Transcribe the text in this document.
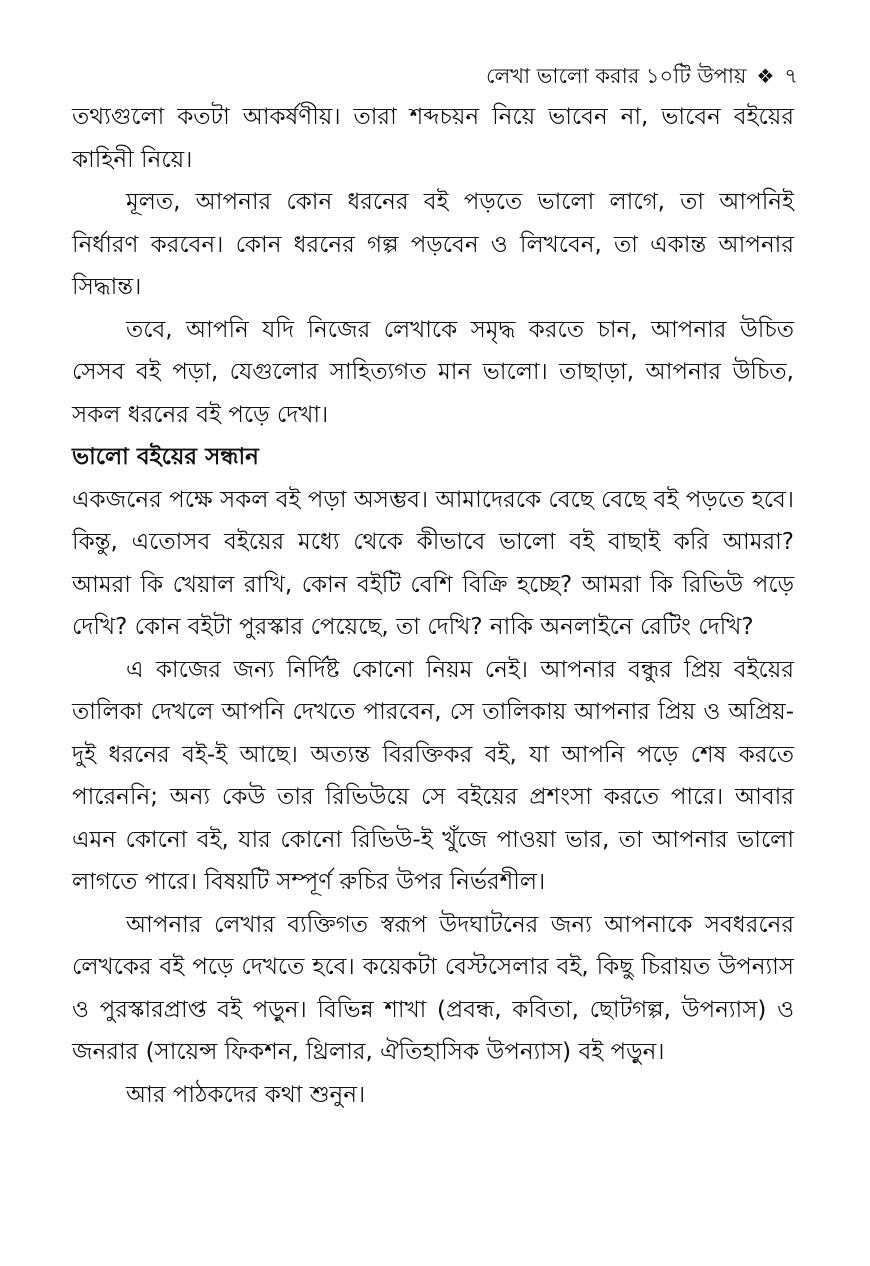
লেখা ভালো করার ১০টি উপায় ❖ ৭

তথ্যগুলো কতটা আকর্ষণীয়। তারা শব্দচয়ন নিয়ে ভাবেন না, ভাবেন বইয়ের কাহিনী নিয়ে।

মূলত, আপনার কোন ধরনের বই পড়তে ভালো লাগে, তা আপনিই নির্ধারণ করবেন। কোন ধরনের গল্প পড়বেন ও লিখবেন, তা একান্ত আপনার সিদ্ধান্ত।

তবে, আপনি যদি নিজের লেখাকে সমৃদ্ধ করতে চান, আপনার উচিত সেসব বই পড়া, যেগুলোর সাহিত্যগত মান ভালো। তাছাড়া, আপনার উচিত, সকল ধরনের বই পড়ে দেখা।

ভালো বইয়ের সন্ধান

একজনের পক্ষে সকল বই পড়া অসম্ভব। আমাদেরকে বেছে বেছে বই পড়তে হবে। কিন্তু, এতোসব বইয়ের মধ্যে থেকে কীভাবে ভালো বই বাছাই করি আমরা? আমরা কি খেয়াল রাখি, কোন বইটি বেশি বিক্রি হচ্ছে? আমরা কি রিভিউ পড়ে দেখি? কোন বইটা পুরস্কার পেয়েছে, তা দেখি? নাকি অনলাইনে রেটিং দেখি?

এ কাজের জন্য নির্দিষ্ট কোনো নিয়ম নেই। আপনার বন্ধুর প্রিয় বইয়ের তালিকা দেখলে আপনি দেখতে পারবেন, সে তালিকায় আপনার প্রিয় ও অপ্রিয়-দুই ধরনের বই-ই আছে। অত্যন্ত বিরক্তিকর বই, যা আপনি পড়ে শেষ করতে পারেননি; অন্য কেউ তার রিভিউয়ে সে বইয়ের প্রশংসা করতে পারে। আবার এমন কোনো বই, যার কোনো রিভিউ-ই খুঁজে পাওয়া ভার, তা আপনার ভালো লাগতে পারে। বিষয়টি সম্পূর্ণ রুচির উপর নির্ভরশীল।

আপনার লেখার ব্যক্তিগত স্বরূপ উদঘাটনের জন্য আপনাকে সবধরনের লেখকের বই পড়ে দেখতে হবে। কয়েকটা বেস্টসেলার বই, কিছু চিরায়ত উপন্যাস ও পুরস্কারপ্রাপ্ত বই পড়ুন। বিভিন্ন শাখা (প্রবন্ধ, কবিতা, ছোটগল্প, উপন্যাস) ও জনরার (সায়েন্স ফিকশন, থ্রিলার, ঐতিহাসিক উপন্যাস) বই পড়ুন।

আর পাঠকদের কথা শুনুন।
